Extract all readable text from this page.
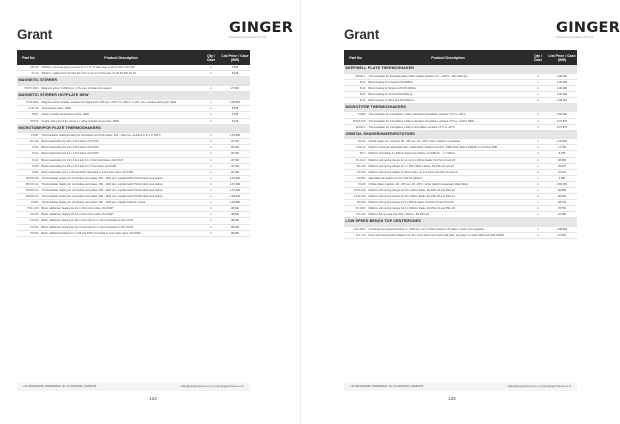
Grant	GINGER
Engineering Solutions Pvt Ltd
Part No	Product Description	Qty / Case	List Price / Case (INR)
PB-NS	Platform: universal spring mounts for 4 x 12 ml tube snap to 10mm disc. Fits G60	1	4,560
P2-10	Platform: replacement 10 tube 16 x 5ml 1 pins 8 x 9 5ml pins. Fit 40-3S P/S NT 10	1	5,020
MAGNETIC STIRRER			
PPR 5 0000	Magnetic stirrer. 0-3000 rpm, to 5L max, includes stir magnet	1	27,592
MAGNETIC STIRRER HOTPLATE NEW			
PCM-2000	Magnetic stirrer hotplate. Includes stir digital 100-1,200 rpm, +50°C to +300°C. to 20L max, includes stirring bar. NEW	1	1,06,660
PCM-SP	Temperature probe. NEW	1	8,559
SPK1	Clamp & holder temperature probe. NEW	1	5,020
DPK10	Double clamp & rod kit, clamp 1 x stirrer hotplate temp probe. NEW	1	5,220
MICROTUBE/PCR PLATE THERMOSHAKERS			
PCMT	Thermoshaker heating/cooling for microtubes and PCR plates, 250 - 1400 rpm, ambient to 4°C to 100°C	1	1,54,980
SC-196	Block heat/cooling for 96 x 0.2ml tubes, fits PCMT	1	30,760
SC24	Block heat/cooling for 24 x 0.5ml tubes, fits PCMT	1	30,760
SC12	Block heat/cooling for 12 x 1.5ml tubes, fits PCMT	1	30,760
SC24	Block heat/cooling for 24 x 0.2ml and 12 x 1.5ml microtubes, fits PCMT	1	30,760
SC96	Block heat/cooling for 96 x 0.2ml and 12 x 1.5ml tubes, fits PCMT	1	30,760
SC96	Block heat/cooling for 1 x 96 well PCR microplate or 0.2ml tube strips, fits PCMT	1	30,760
PMCP2-96	Thermoshaker heating for microtubes and plates, 250 - 1400 rpm, supplied with PSC24 block (see below)	1	1,97,490
PMCP2-12	Thermoshaker heating for microtubes and plates, 250 - 1400 rpm, supplied with PSC12 block (see below)	1	1,97,490
PMCP2-24	Thermoshaker heating for microtubes and plates, 250 - 1400 rpm, supplied with PSC24 block (see below)	1	1,97,490
PMCP2-96	Thermoshaker heating for microtubes and plates, 250 - 1400 rpm, supplied with PSC96 block (see below)	1	1,99,230
PHMT	Thermoshaker heating for microtubes and plates, 250 - 1400 rpm, supplied without a block	1	1,66,950
PSC-24N	Block, additional, heating for 24 x 1.5ml micro tubes, fits PHMT	1	38,640
PSC24	Block, additional, heating for 24 x 0.5ml micro tubes, fits PHMT	1	38,640
PSC18	Block, additional, heating for 18 x 2.0ml and 12 x 1.5ml microtubes or 96 x PCR	1	38,640
PSC24	Block, additional, heating for 20 x 0.2ml and 12 x 1.5ml microtubes or 96 x PCR	1	38,640
PSC96	Block, additional heating for 1 x 96 well PCR microplate or 0.2ml tube strips, fits PHMT	1	38,400
+91 9810025298 | 9599808692 +91 11-26265036 | 26265236	sales@gingerscience.co.in | www.gingerscience.co.in
124
Grant	GINGER
Engineering Solutions Pvt Ltd
Part No	Product Description	Qty / Case	List Price / Case (INR)
DEEPWELL PLATE THERMOSHAKER			
PHMP-4	Thermoshaker for deepwell plates holds 4 plates ambient +5° - +100°C, 250-1400 rpm	1	1,86,990
B-24	Block heating for 4 square PW-2000uL	1	1,00,181
B-20	Block heating for flippers 4x5 PW-1000uL	1	1,00,260
B-25	Block heating for 5x4 fold PW-2000 uL	1	1,00,260
B-26	Block heating for 96x4 fold PW-2000 uL	1	1,00,361
MICROTITRE THERMOSHAKERS			
PHMP	Thermoshaker for microplates, holds 2 standard microplates, ambient +5°C to +60°C	1	2,52,600
PHMP-100	Thermoshaker for microplates, holds 2 standard microplates, ambient +5°C to +100°C NEW	1	2,07,970
PHMP-4	Thermoshaker for microplates, holds 4 microplates, ambient +5°C to +60°C	1	2,07,970
ORBITAL SHAKER/MIXER/ROTATORS			
RS-24	Orbital shaker for microtiter, 80 - 250 rpm, 24 - 40°C. Orbit 4 platform separately	1	2,31,830
PSP-12	Platform universal: adjustable bars, holds flasks, beakers 2x4 5mL, PSB-20HS 100mL PSB-80, 2 x 8 12mL PSB	1	17,760
PP-4	Platform for holding 4 x 250mL Erlenmeyer flasks, 4 x PSB-20 ... 1 x 500mL	1	6,795
PS-1120	Platform with spring clamps for up to 10 x 100mL flasks, fits PSU-10 and 20	1	28,360
PN-220	Platform with spring clamps for 2 x 250 / 500mL flasks, fits PSU-20 and 20	1	25,370
PS-500	Platform with spring holders for 50ml tubes, up to 8 rows. Fits PSU-10 and 20	1	18,710
AP-500	Adjustable bar attachment for PSP-12 platform	1	2,990
PS-50	Orbital shaker medium, 30 - 250 rpm, 20 - 60°C. Order platform separately (Max 10kg)	1	3,83,150
PS-B-20S	Platform with spring clamps for 20 x 125mL flasks, fits PSU-20 and PSU-10	1	60,950
PS-B-20S	Platform with spring clamps for 20 x 250mL flasks, fits PSU-20 and PSU-10	1	82,600
PP-500	Platform with spring clamps for 9 x 500mL flasks, fits PSU-10 and PSU-20	1	68,720
PP-1000	Platform with spring clamps for 6 x 1000mL flasks, fits PSU-10 and PSU-20	1	78,760
PS-A20	Platform flat non-slip mat, 500 x 400mm, fits PSU-20	1	22,780
LOW SPEED BENCH TOP CENTRIFUGES			
LMC-3000	Centrifuge low speed benchtop, 0 - 3000 rpm, 12 x 2 50ml tubes/4 x 15 plates, 3 slots rotor capability	1	2,98,862
R-1 I-15	Rotor with swing-bucket adaptors for 12 x 15mL tubes and round well plate, see page 4 in LMC-3000 and LMC-3000R	1	16,362
+91 9810025298 | 9599808692 +91 11-26265036 | 26265236	sales@gingerscience.co.in | www.gingerscience.co.in
125
